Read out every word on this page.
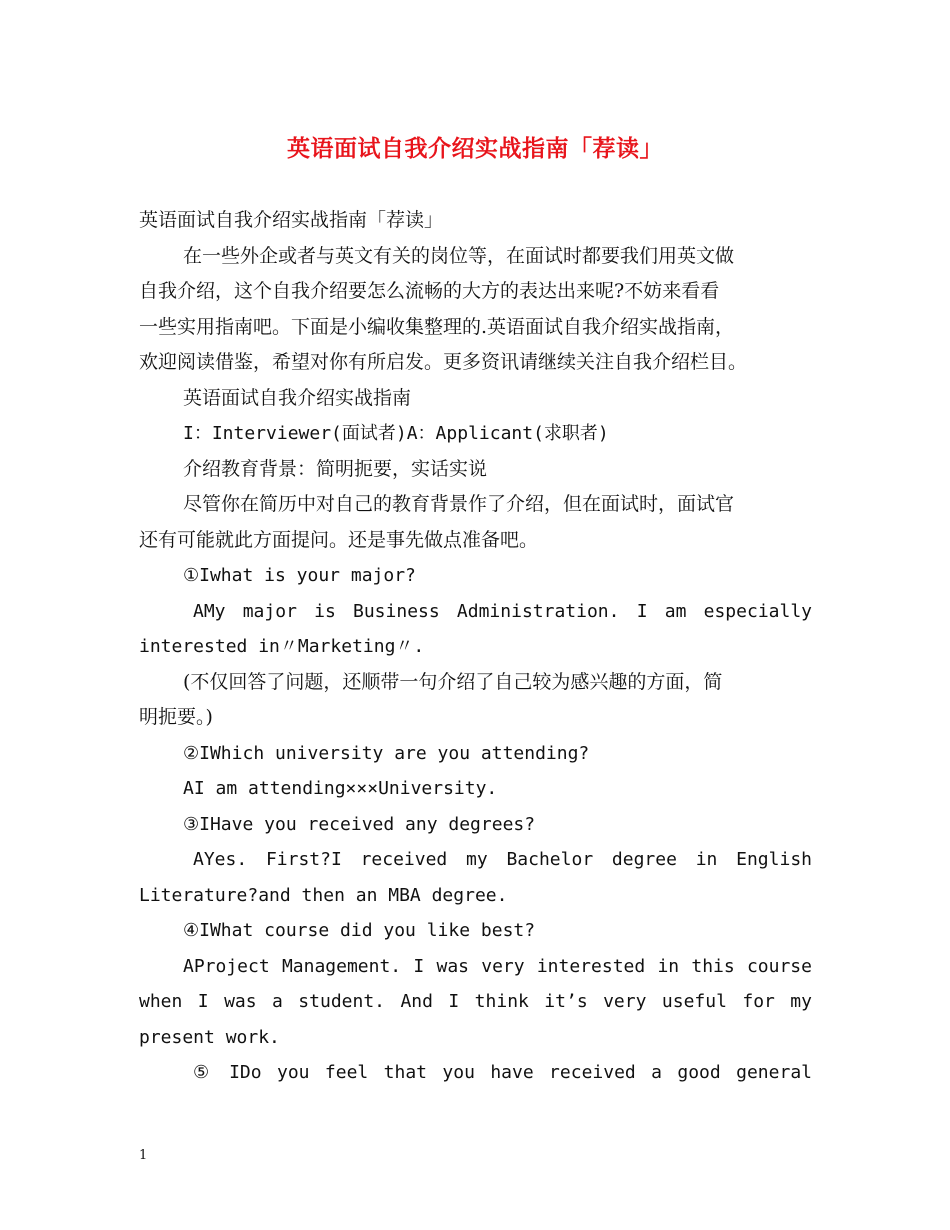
英语面试自我介绍实战指南「荐读」
英语面试自我介绍实战指南「荐读」
在一些外企或者与英文有关的岗位等，在面试时都要我们用英文做
自我介绍，这个自我介绍要怎么流畅的大方的表达出来呢?不妨来看看
一些实用指南吧。下面是小编收集整理的.英语面试自我介绍实战指南，
欢迎阅读借鉴，希望对你有所启发。更多资讯请继续关注自我介绍栏目。
英语面试自我介绍实战指南
I：Interviewer(面试者)A：Applicant(求职者)
介绍教育背景：简明扼要，实话实说
尽管你在简历中对自己的教育背景作了介绍，但在面试时，面试官
还有可能就此方面提问。还是事先做点准备吧。
①Iwhat is your major?
AMy major is Business Administration. I am especially
interested in〃Marketing〃.
(不仅回答了问题，还顺带一句介绍了自己较为感兴趣的方面，简
明扼要。)
②IWhich university are you attending?
AI am attending×××University.
③IHave you received any degrees?
AYes. First?I received my Bachelor degree in English
Literature?and then an MBA degree.
④IWhat course did you like best?
AProject Management. I was very interested in this course
when I was a student. And I think it’s very useful for my
present work.
⑤ IDo you feel that you have received a good general
1
